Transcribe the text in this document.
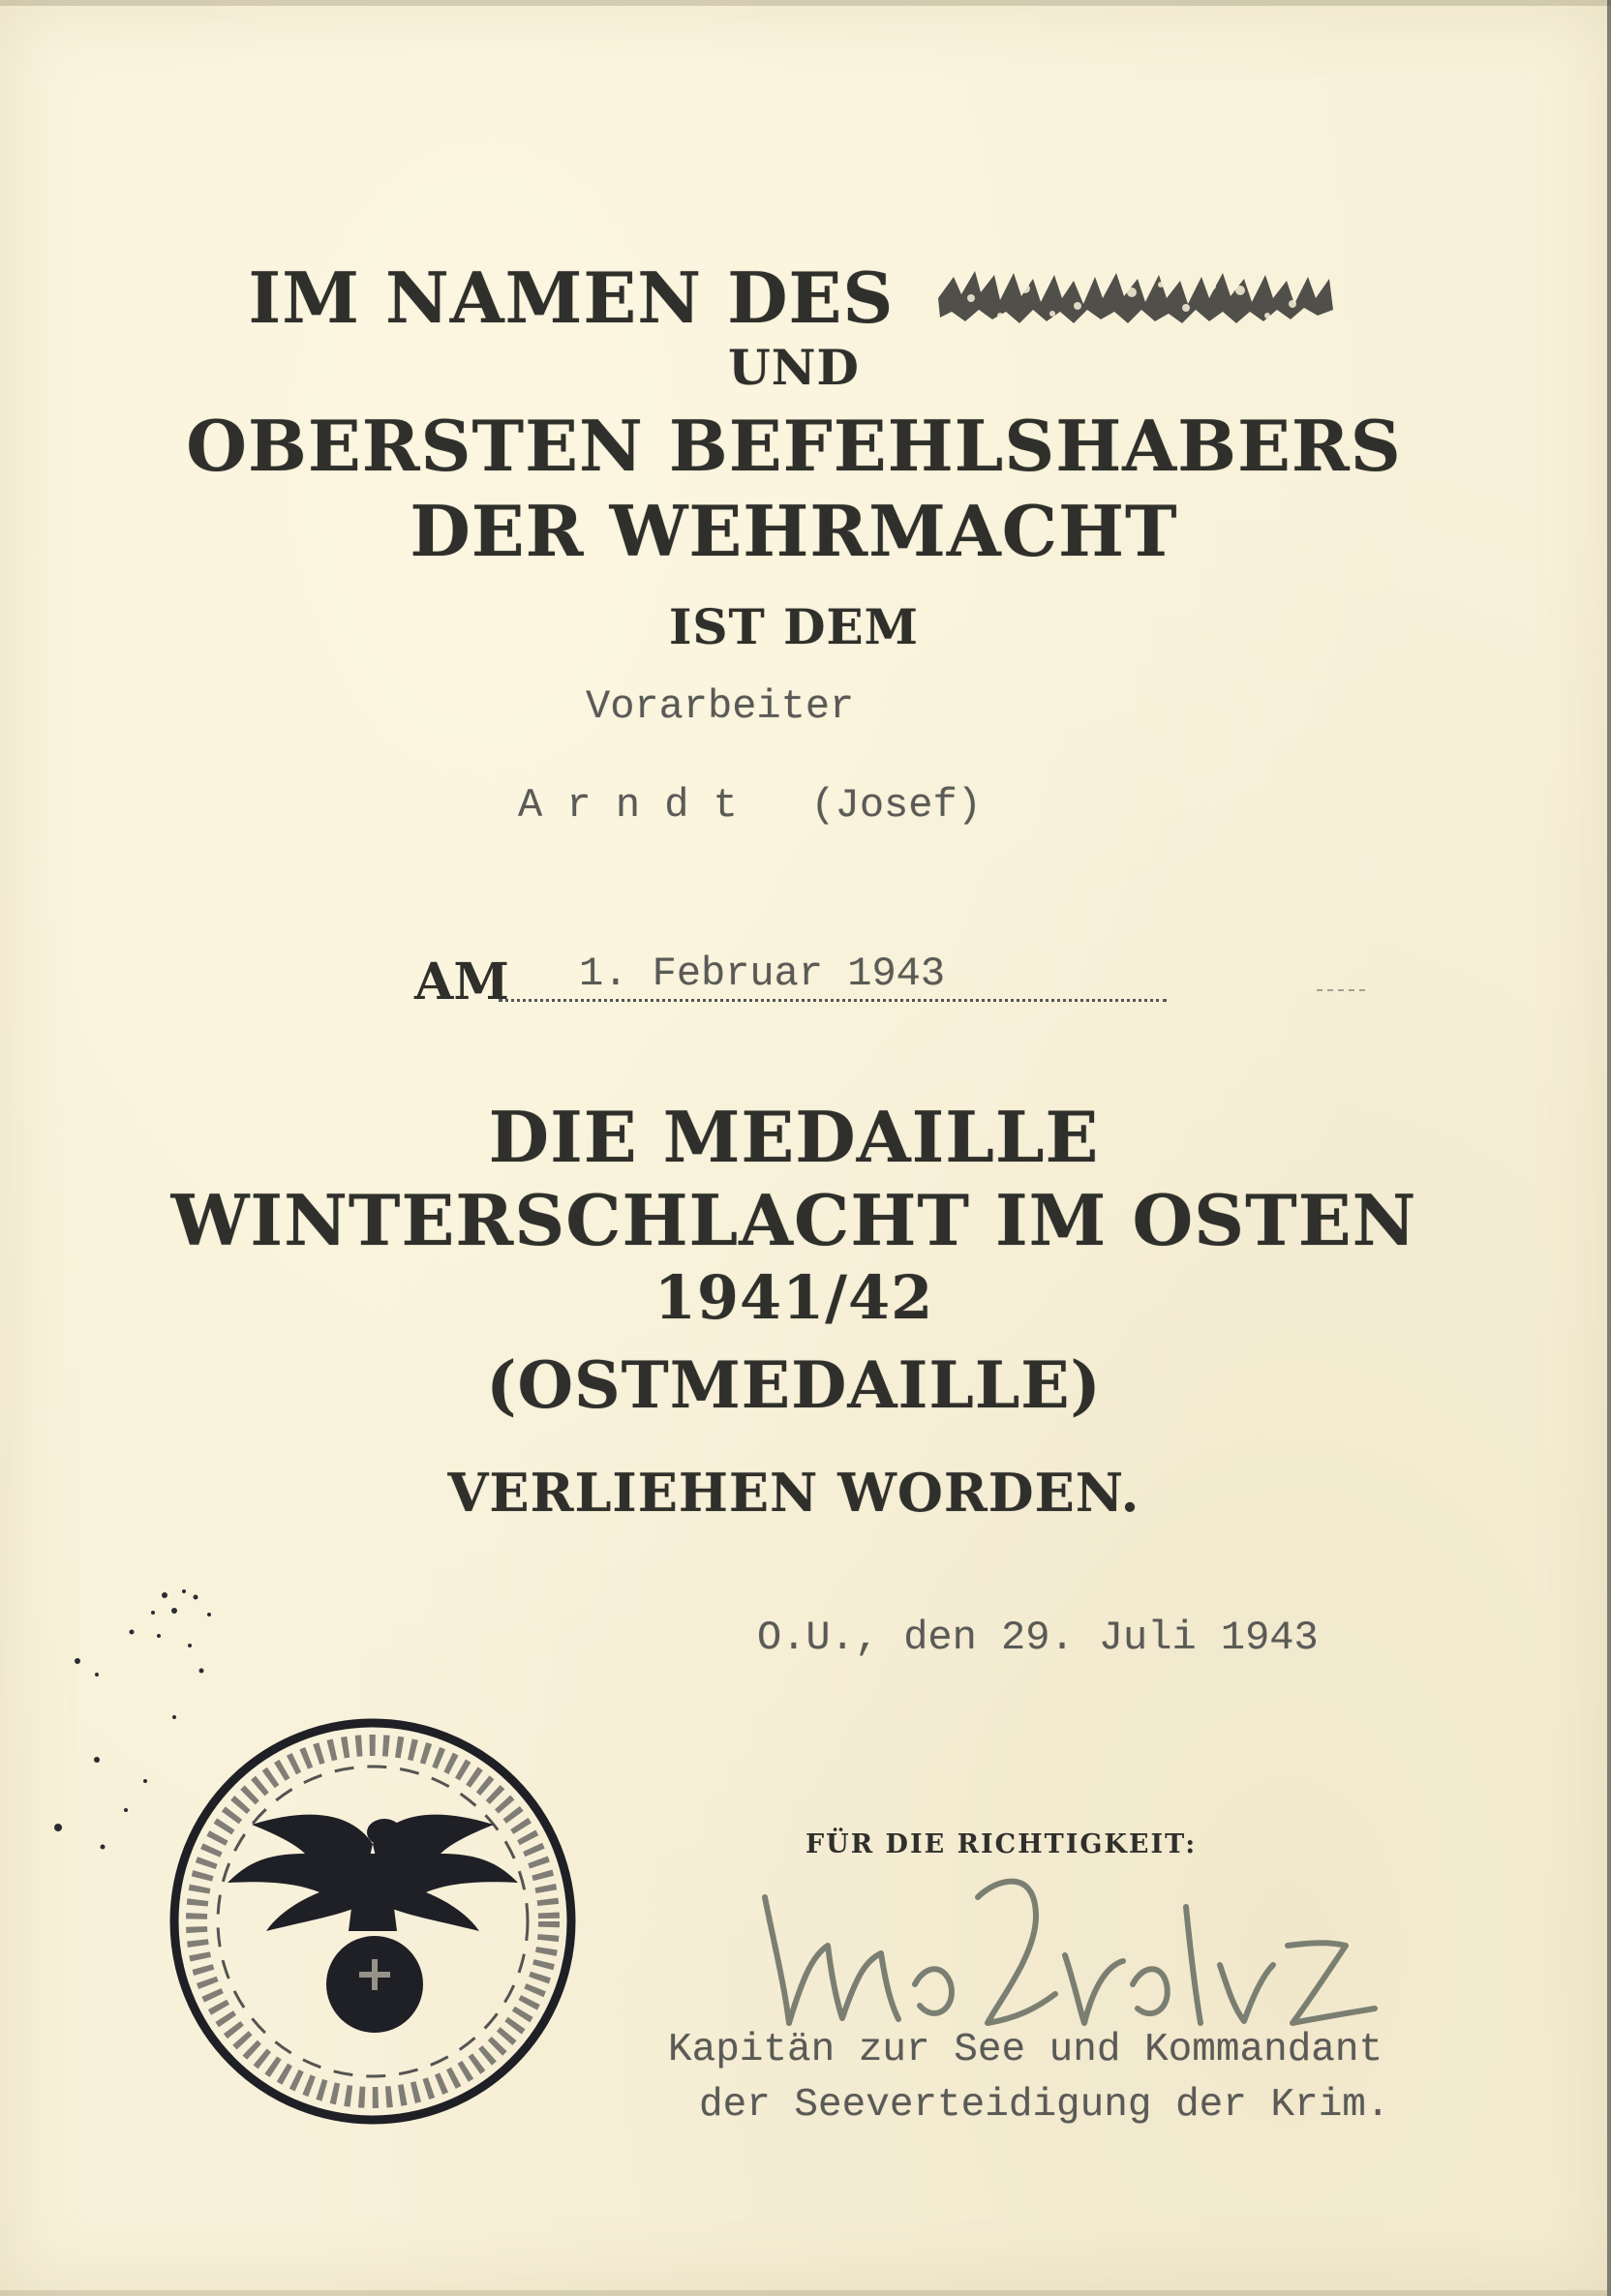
IM NAMEN DES
UND
OBERSTEN BEFEHLSHABERS
DER WEHRMACHT
IST DEM
Vorarbeiter
A r n d t   (Josef)
AM 1. Februar 1943
DIE MEDAILLE
WINTERSCHLACHT IM OSTEN
1941/42
(OSTMEDAILLE)
VERLIEHEN WORDEN.
O.U., den 29. Juli 1943
FÜR DIE RICHTIGKEIT:
Kapitän zur See und Kommandant
der Seeverteidigung der Krim.
